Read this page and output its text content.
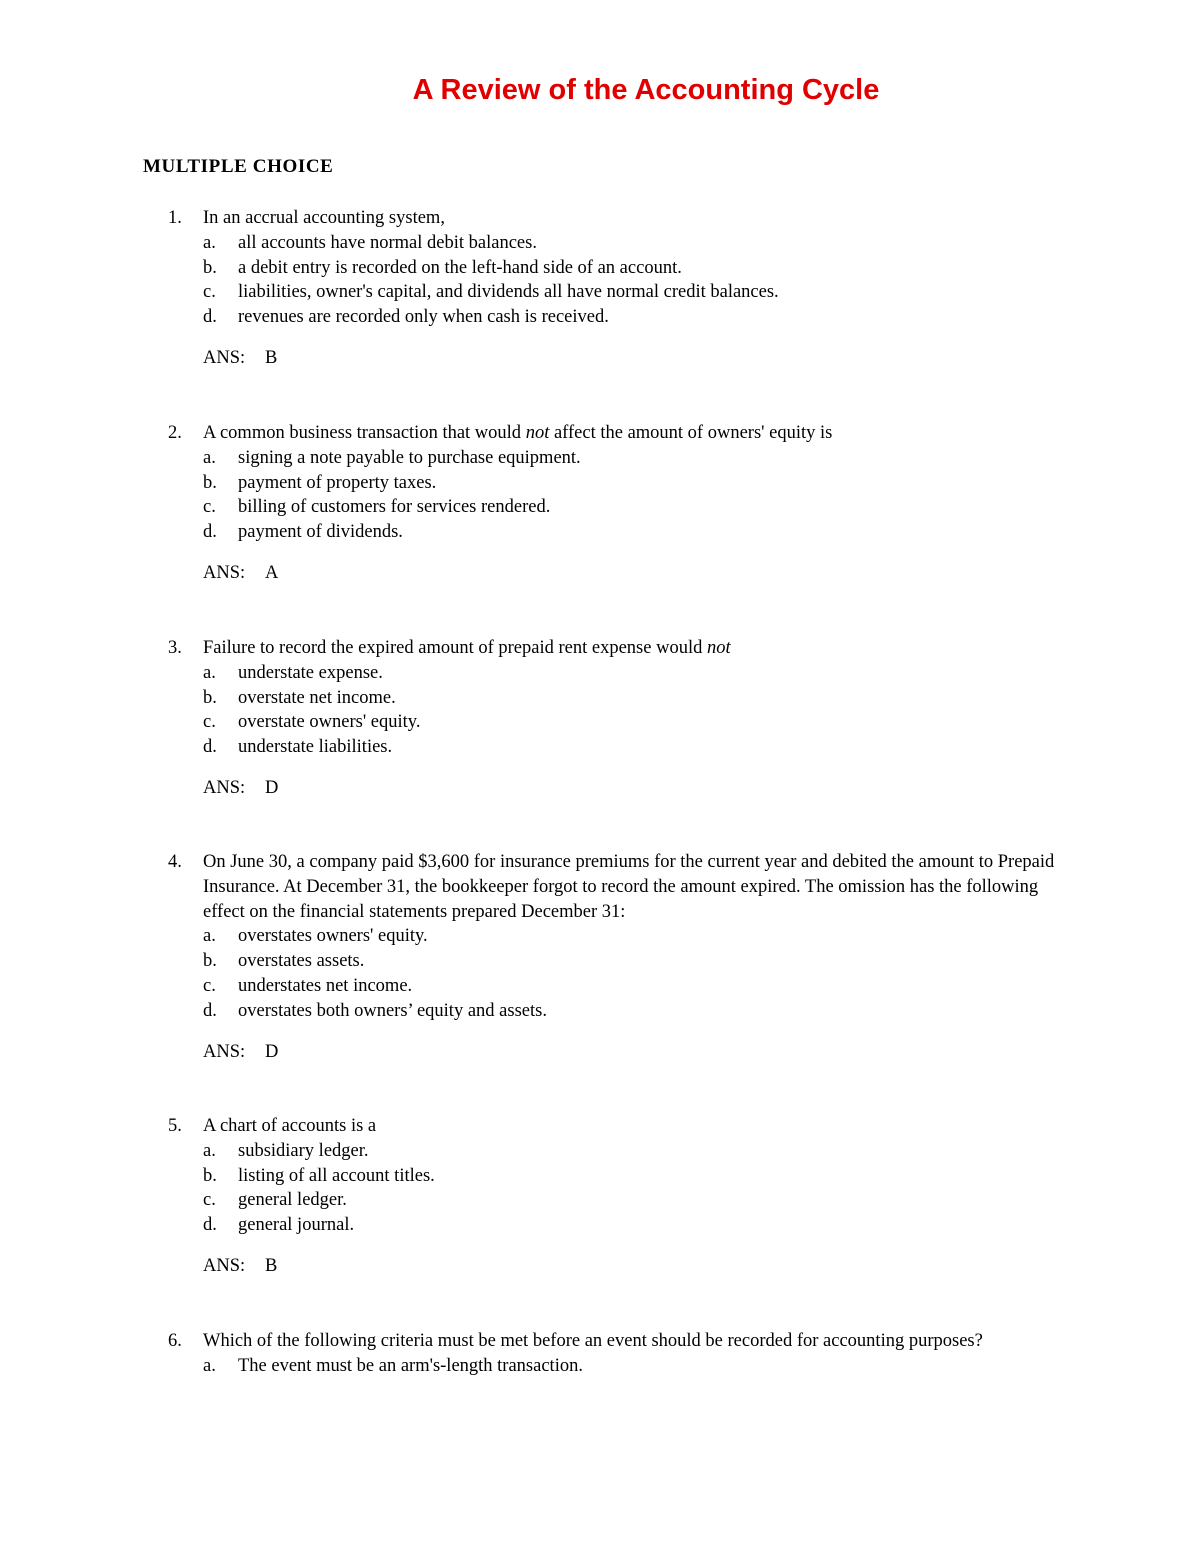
A Review of the Accounting Cycle
MULTIPLE CHOICE
1.	In an accrual accounting system,
a.	all accounts have normal debit balances.
b.	a debit entry is recorded on the left-hand side of an account.
c.	liabilities, owner's capital, and dividends all have normal credit balances.
d.	revenues are recorded only when cash is received.
ANS: B
2.	A common business transaction that would not affect the amount of owners' equity is
a.	signing a note payable to purchase equipment.
b.	payment of property taxes.
c.	billing of customers for services rendered.
d.	payment of dividends.
ANS: A
3.	Failure to record the expired amount of prepaid rent expense would not
a.	understate expense.
b.	overstate net income.
c.	overstate owners' equity.
d.	understate liabilities.
ANS: D
4.	On June 30, a company paid $3,600 for insurance premiums for the current year and debited the amount to Prepaid Insurance. At December 31, the bookkeeper forgot to record the amount expired. The omission has the following effect on the financial statements prepared December 31:
a.	overstates owners' equity.
b.	overstates assets.
c.	understates net income.
d.	overstates both owners’ equity and assets.
ANS: D
5.	A chart of accounts is a
a.	subsidiary ledger.
b.	listing of all account titles.
c.	general ledger.
d.	general journal.
ANS: B
6.	Which of the following criteria must be met before an event should be recorded for accounting purposes?
a.	The event must be an arm's-length transaction.
